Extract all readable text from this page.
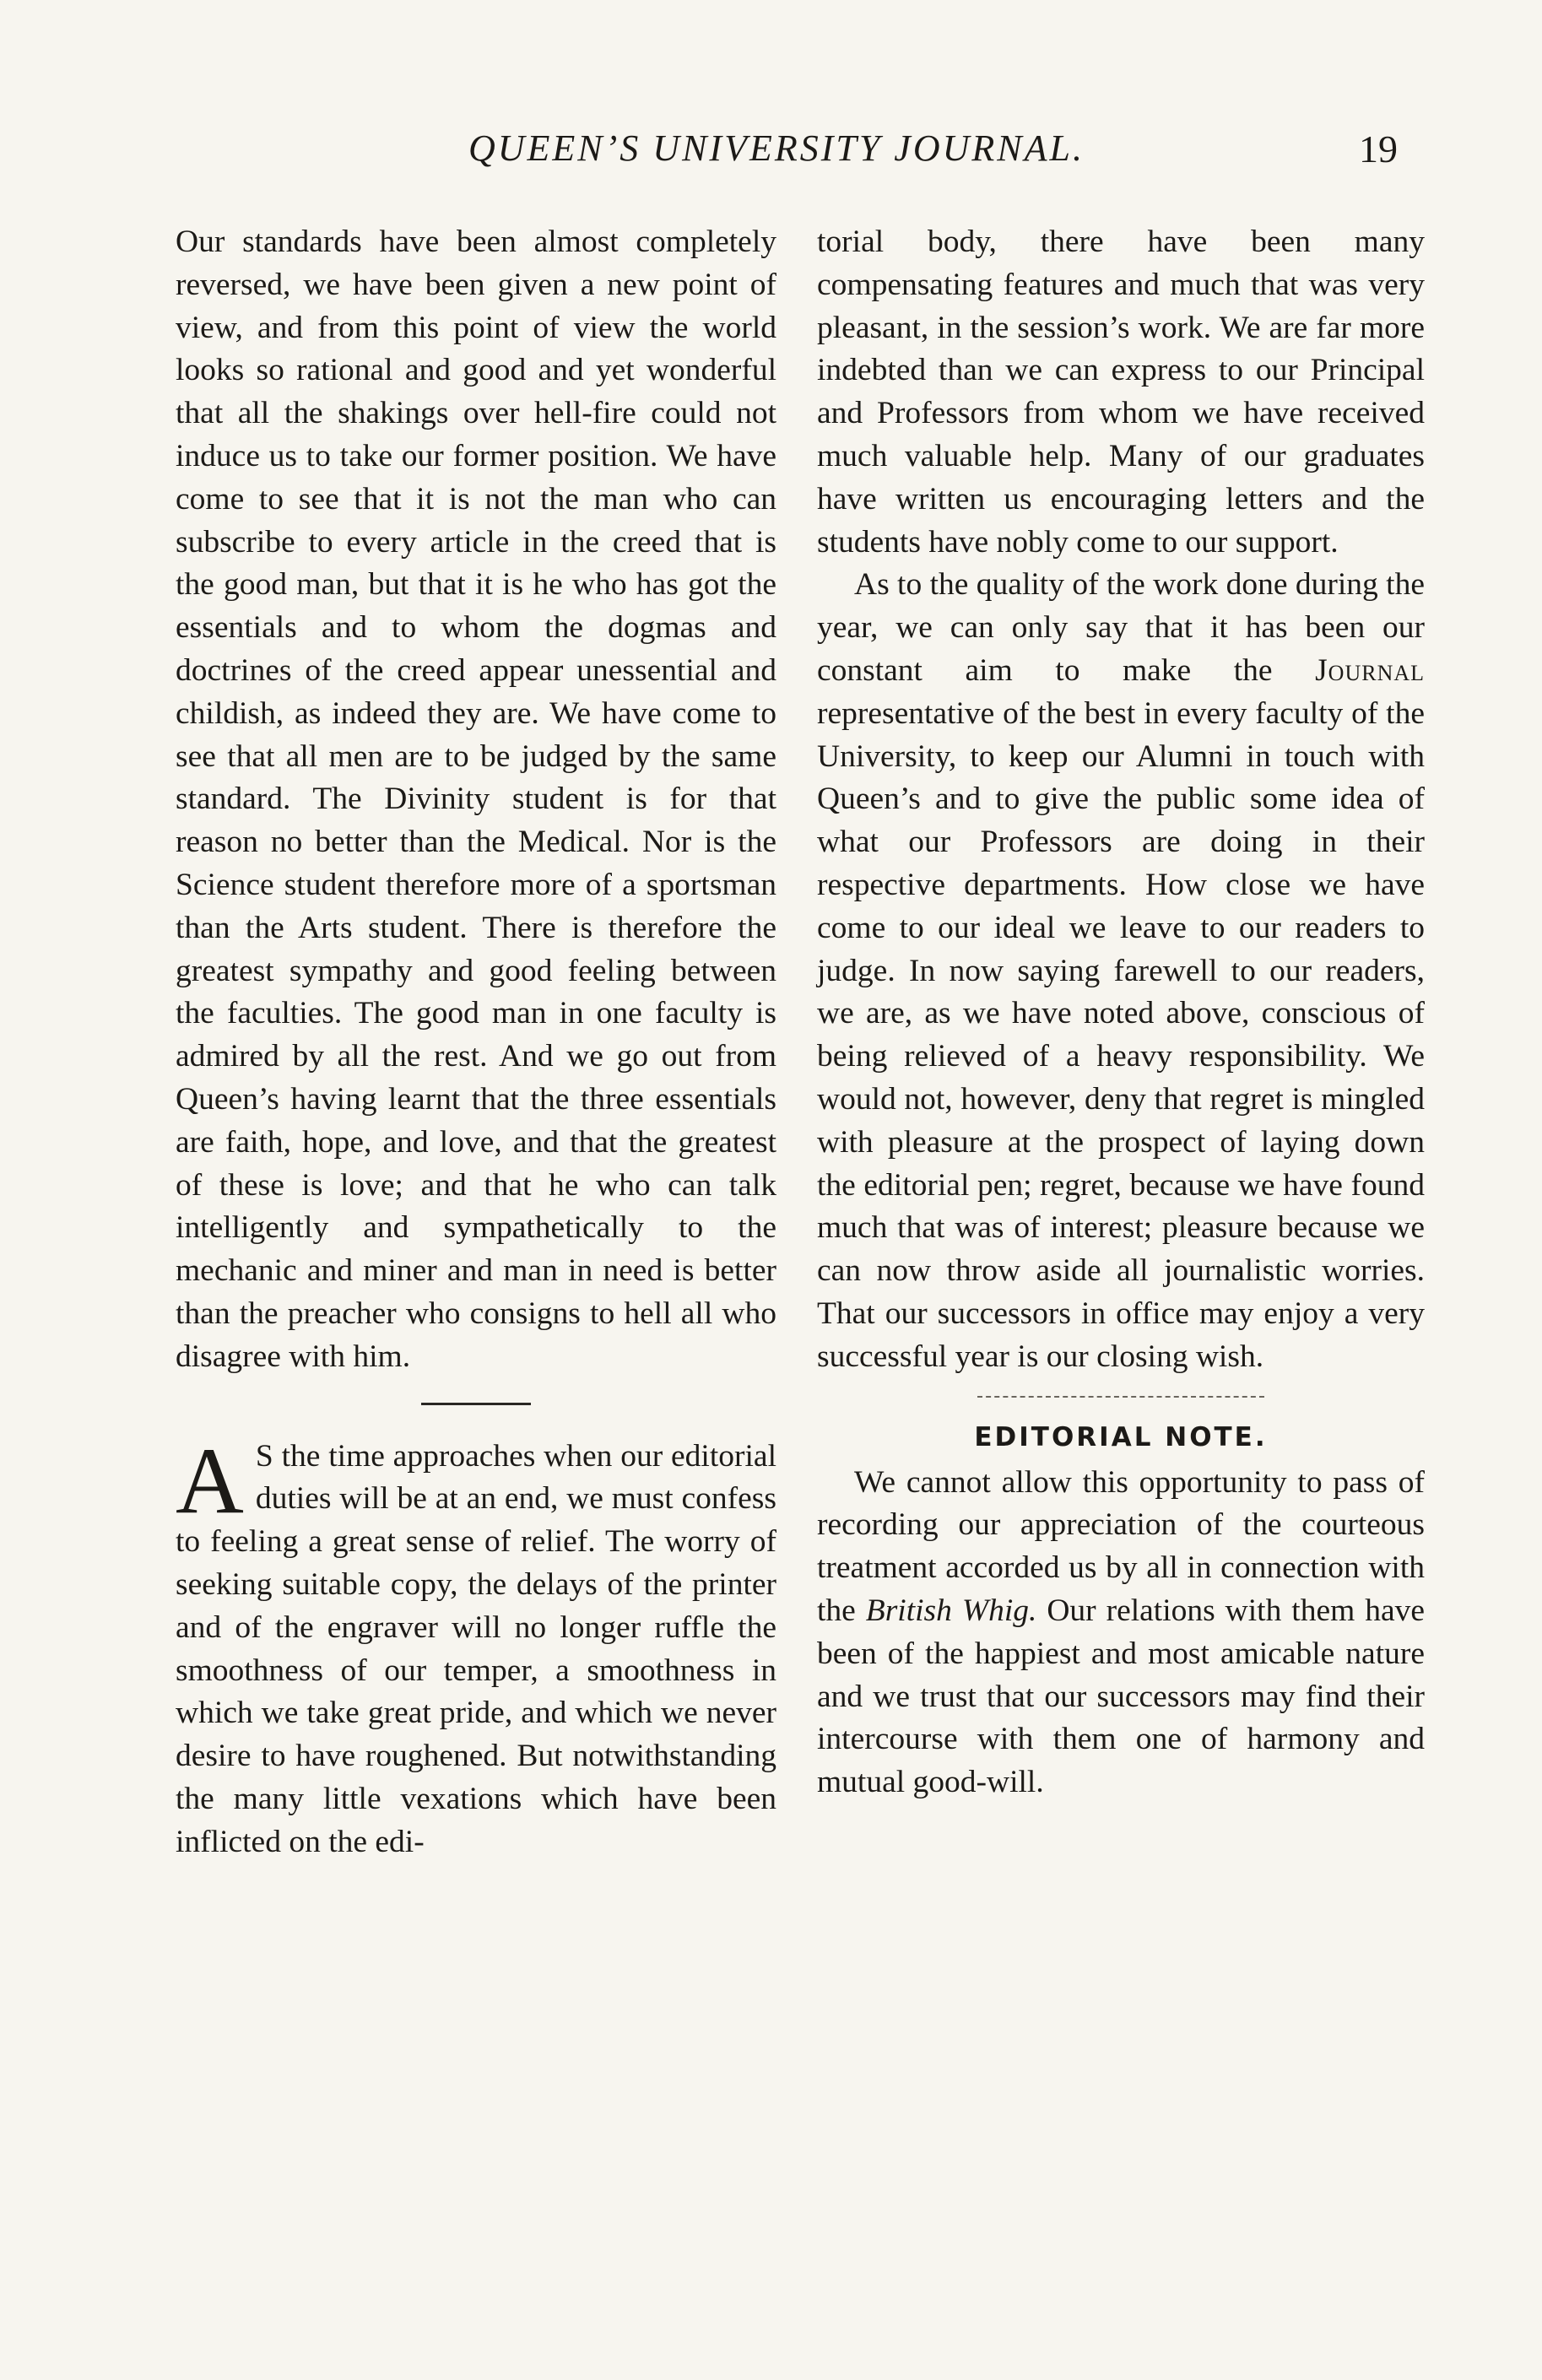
QUEEN’S UNIVERSITY JOURNAL.	19

Our standards have been almost completely reversed, we have been given a new point of view, and from this point of view the world looks so rational and good and yet wonderful that all the shakings over hell-fire could not induce us to take our former position. We have come to see that it is not the man who can subscribe to every article in the creed that is the good man, but that it is he who has got the essentials and to whom the dogmas and doctrines of the creed appear unessential and childish, as indeed they are. We have come to see that all men are to be judged by the same standard. The Divinity student is for that reason no better than the Medical. Nor is the Science student therefore more of a sportsman than the Arts student. There is therefore the greatest sympathy and good feeling between the faculties. The good man in one faculty is admired by all the rest. And we go out from Queen’s having learnt that the three essentials are faith, hope, and love, and that the greatest of these is love; and that he who can talk intelligently and sympathetically to the mechanic and miner and man in need is better than the preacher who consigns to hell all who disagree with him.

A S the time approaches when our editorial duties will be at an end, we must confess to feeling a great sense of relief. The worry of seeking suitable copy, the delays of the printer and of the engraver will no longer ruffle the smoothness of our temper, a smoothness in which we take great pride, and which we never desire to have roughened. But notwithstanding the many little vexations which have been inflicted on the edi-

torial body, there have been many compensating features and much that was very pleasant, in the session’s work. We are far more indebted than we can express to our Principal and Professors from whom we have received much valuable help. Many of our graduates have written us encouraging letters and the students have nobly come to our support.

As to the quality of the work done during the year, we can only say that it has been our constant aim to make the Journal representative of the best in every faculty of the University, to keep our Alumni in touch with Queen’s and to give the public some idea of what our Professors are doing in their respective departments. How close we have come to our ideal we leave to our readers to judge. In now saying farewell to our readers, we are, as we have noted above, conscious of being relieved of a heavy responsibility. We would not, however, deny that regret is mingled with pleasure at the prospect of laying down the editorial pen; regret, because we have found much that was of interest; pleasure because we can now throw aside all journalistic worries. That our successors in office may enjoy a very successful year is our closing wish.

EDITORIAL NOTE.

We cannot allow this opportunity to pass of recording our appreciation of the courteous treatment accorded us by all in connection with the British Whig. Our relations with them have been of the happiest and most amicable nature and we trust that our successors may find their intercourse with them one of harmony and mutual good-will.
